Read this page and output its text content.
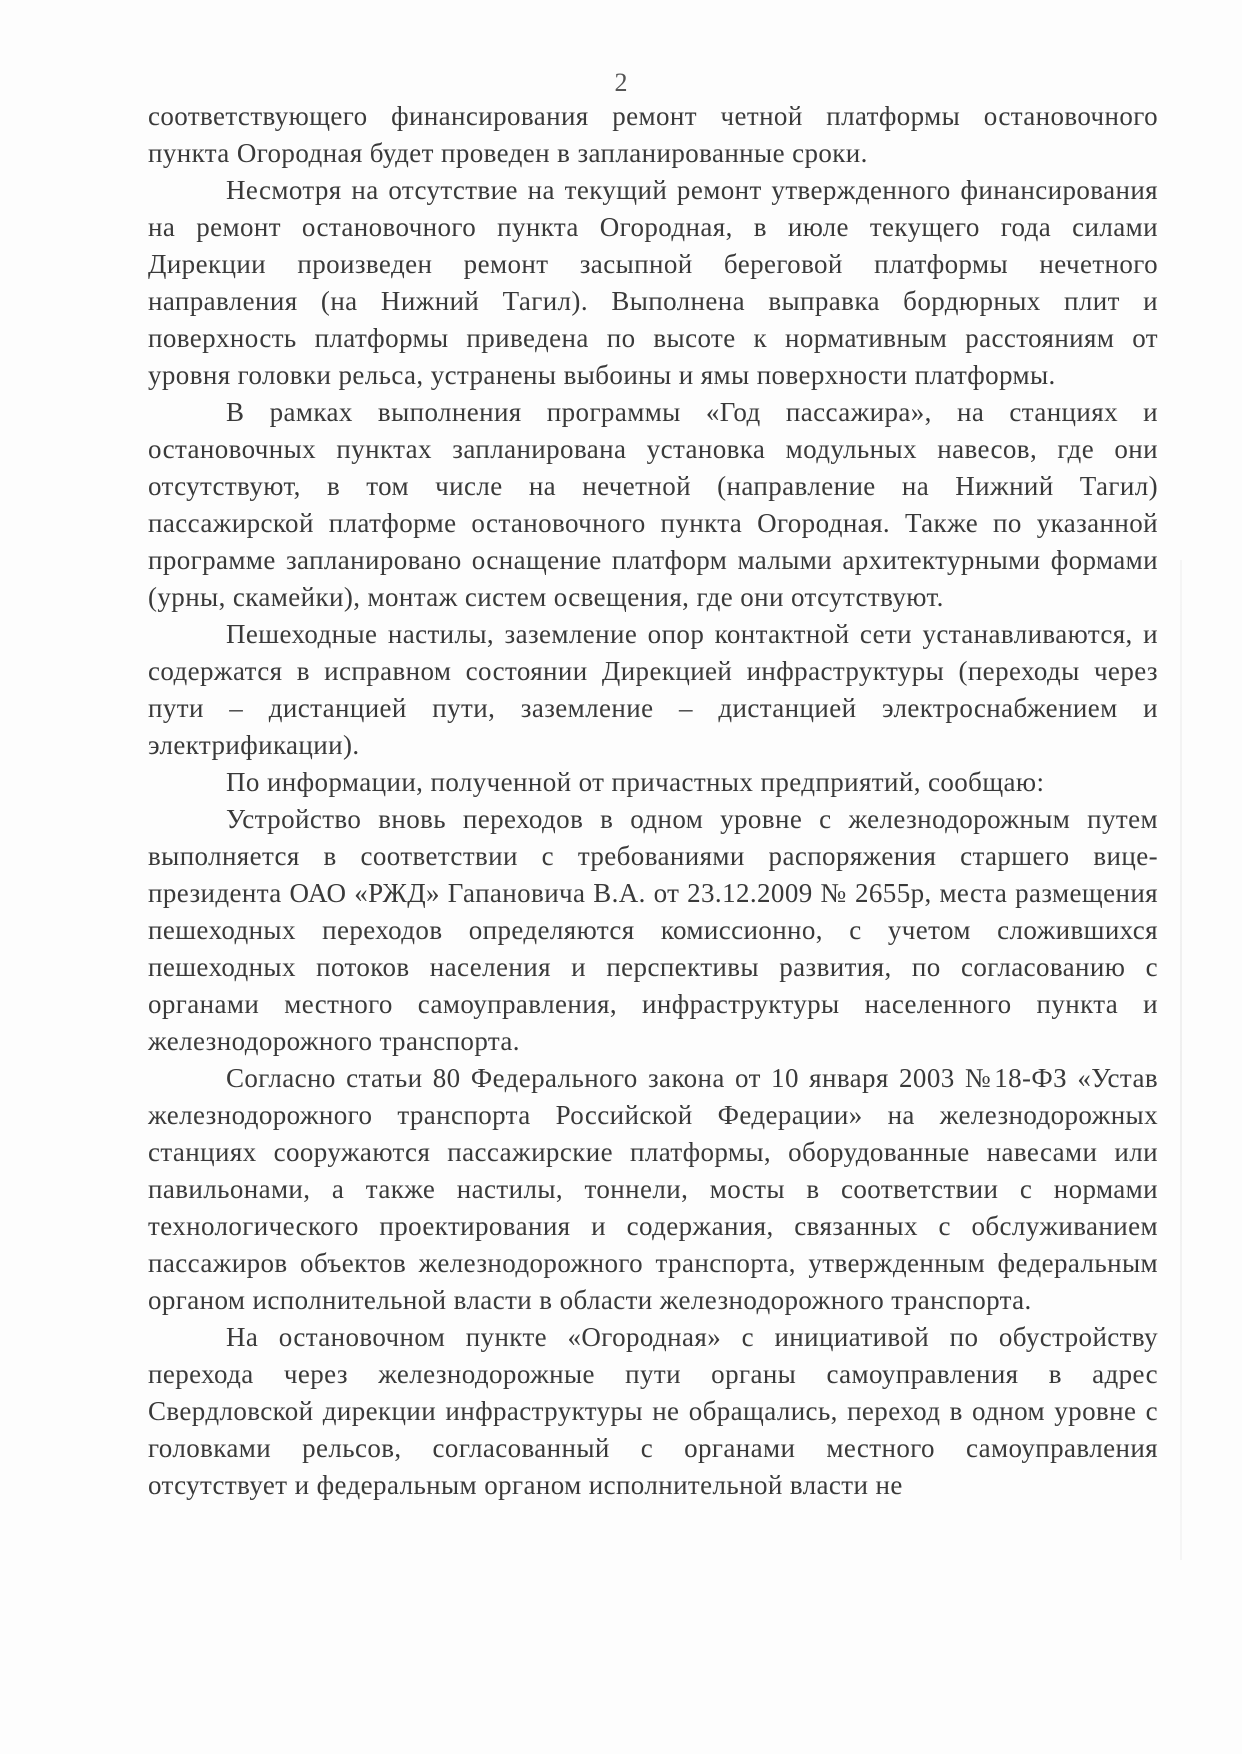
2

соответствующего финансирования ремонт четной платформы остановочного пункта Огородная будет проведен в запланированные сроки.

Несмотря на отсутствие на текущий ремонт утвержденного финансирования на ремонт остановочного пункта Огородная, в июле текущего года силами Дирекции произведен ремонт засыпной береговой платформы нечетного направления (на Нижний Тагил). Выполнена выправка бордюрных плит и поверхность платформы приведена по высоте к нормативным расстояниям от уровня головки рельса, устранены выбоины и ямы поверхности платформы.

В рамках выполнения программы «Год пассажира», на станциях и остановочных пунктах запланирована установка модульных навесов, где они отсутствуют, в том числе на нечетной (направление на Нижний Тагил) пассажирской платформе остановочного пункта Огородная. Также по указанной программе запланировано оснащение платформ малыми архитектурными формами (урны, скамейки), монтаж систем освещения, где они отсутствуют.

Пешеходные настилы, заземление опор контактной сети устанавливаются, и содержатся в исправном состоянии Дирекцией инфраструктуры (переходы через пути – дистанцией пути, заземление – дистанцией электроснабжением и электрификации).

По информации, полученной от причастных предприятий, сообщаю:

Устройство вновь переходов в одном уровне с железнодорожным путем выполняется в соответствии с требованиями распоряжения старшего вице-президента ОАО «РЖД» Гапановича В.А. от 23.12.2009 № 2655р, места размещения пешеходных переходов определяются комиссионно, с учетом сложившихся пешеходных потоков населения и перспективы развития, по согласованию с органами местного самоуправления, инфраструктуры населенного пункта и железнодорожного транспорта.

Согласно статьи 80 Федерального закона от 10 января 2003 №18-ФЗ «Устав железнодорожного транспорта Российской Федерации» на железнодорожных станциях сооружаются пассажирские платформы, оборудованные навесами или павильонами, а также настилы, тоннели, мосты в соответствии с нормами технологического проектирования и содержания, связанных с обслуживанием пассажиров объектов железнодорожного транспорта, утвержденным федеральным органом исполнительной власти в области железнодорожного транспорта.

На остановочном пункте «Огородная» с инициативой по обустройству перехода через железнодорожные пути органы самоуправления в адрес Свердловской дирекции инфраструктуры не обращались, переход в одном уровне с головками рельсов, согласованный с органами местного самоуправления отсутствует и федеральным органом исполнительной власти не
